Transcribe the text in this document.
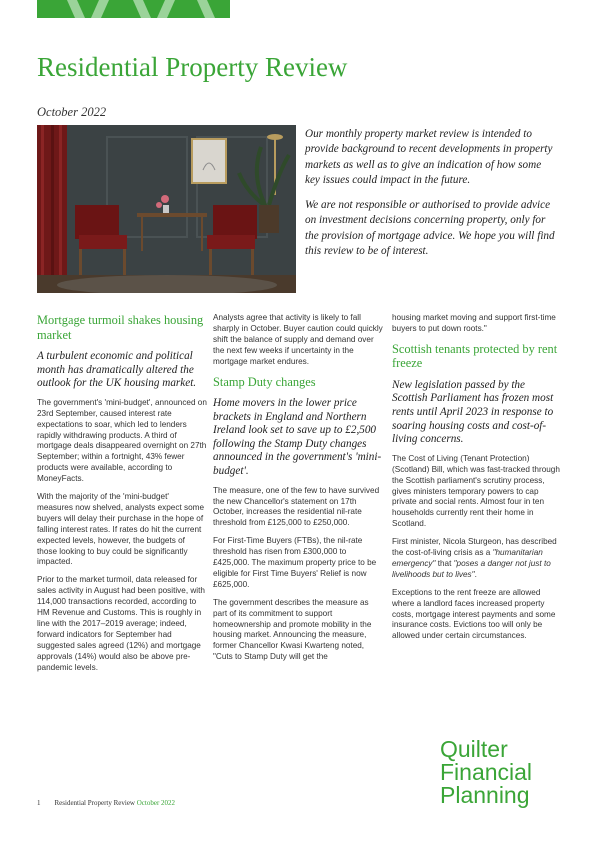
Residential Property Review
October 2022

Our monthly property market review is intended to provide background to recent developments in property markets as well as to give an indication of how some key issues could impact in the future.

We are not responsible or authorised to provide advice on investment decisions concerning property, only for the provision of mortgage advice. We hope you will find this review to be of interest.

Mortgage turmoil shakes housing market

A turbulent economic and political month has dramatically altered the outlook for the UK housing market.

The government's 'mini-budget', announced on 23rd September, caused interest rate expectations to soar, which led to lenders rapidly withdrawing products. A third of mortgage deals disappeared overnight on 27th September; within a fortnight, 43% fewer products were available, according to MoneyFacts.

With the majority of the 'mini-budget' measures now shelved, analysts expect some buyers will delay their purchase in the hope of falling interest rates. If rates do hit the current expected levels, however, the budgets of those looking to buy could be significantly impacted.

Prior to the market turmoil, data released for sales activity in August had been positive, with 114,000 transactions recorded, according to HM Revenue and Customs. This is roughly in line with the 2017–2019 average; indeed, forward indicators for September had suggested sales agreed (12%) and mortgage approvals (14%) would also be above pre-pandemic levels.

Analysts agree that activity is likely to fall sharply in October. Buyer caution could quickly shift the balance of supply and demand over the next few weeks if uncertainty in the mortgage market endures.

Stamp Duty changes

Home movers in the lower price brackets in England and Northern Ireland look set to save up to £2,500 following the Stamp Duty changes announced in the government's 'mini-budget'.

The measure, one of the few to have survived the new Chancellor's statement on 17th October, increases the residential nil-rate threshold from £125,000 to £250,000.

For First-Time Buyers (FTBs), the nil-rate threshold has risen from £300,000 to £425,000. The maximum property price to be eligible for First Time Buyers' Relief is now £625,000.

The government describes the measure as part of its commitment to support homeownership and promote mobility in the housing market. Announcing the measure, former Chancellor Kwasi Kwarteng noted, "Cuts to Stamp Duty will get the

housing market moving and support first-time buyers to put down roots."

Scottish tenants protected by rent freeze

New legislation passed by the Scottish Parliament has frozen most rents until April 2023 in response to soaring housing costs and cost-of-living concerns.

The Cost of Living (Tenant Protection) (Scotland) Bill, which was fast-tracked through the Scottish parliament's scrutiny process, gives ministers temporary powers to cap private and social rents. Almost four in ten households currently rent their home in Scotland.

First minister, Nicola Sturgeon, has described the cost-of-living crisis as a "humanitarian emergency" that "poses a danger not just to livelihoods but to lives".

Exceptions to the rent freeze are allowed where a landlord faces increased property costs, mortgage interest payments and some insurance costs. Evictions too will only be allowed under certain circumstances.

Quilter
Financial
Planning
1 Residential Property Review October 2022
